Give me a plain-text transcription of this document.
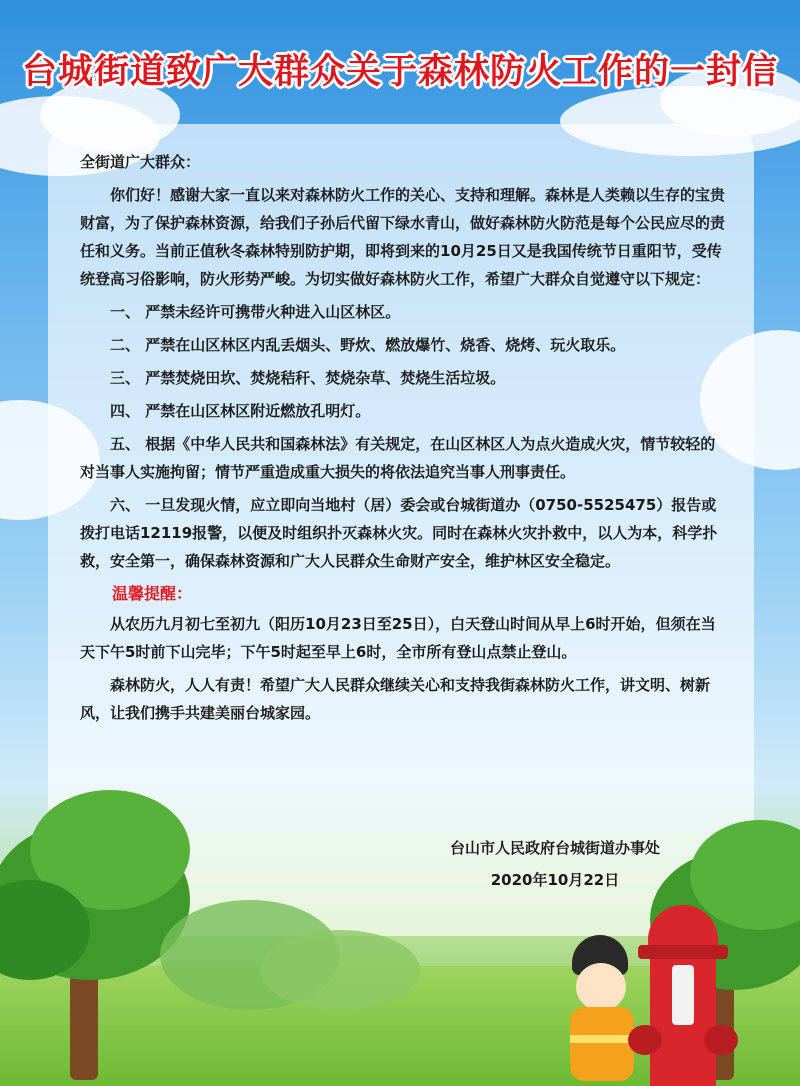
台城街道致广大群众关于森林防火工作的一封信

全街道广大群众：

你们好！感谢大家一直以来对森林防火工作的关心、支持和理解。森林是人类赖以生存的宝贵财富，为了保护森林资源，给我们子孙后代留下绿水青山，做好森林防火防范是每个公民应尽的责任和义务。当前正值秋冬森林特别防护期，即将到来的10月25日又是我国传统节日重阳节，受传统登高习俗影响，防火形势严峻。为切实做好森林防火工作，希望广大群众自觉遵守以下规定：

一、 严禁未经许可携带火种进入山区林区。

二、 严禁在山区林区内乱丢烟头、野炊、燃放爆竹、烧香、烧烤、玩火取乐。

三、 严禁焚烧田坎、焚烧秸秆、焚烧杂草、焚烧生活垃圾。

四、 严禁在山区林区附近燃放孔明灯。

五、 根据《中华人民共和国森林法》有关规定，在山区林区人为点火造成火灾，情节较轻的对当事人实施拘留；情节严重造成重大损失的将依法追究当事人刑事责任。

六、 一旦发现火情，应立即向当地村（居）委会或台城街道办（0750-5525475）报告或拨打电话12119报警，以便及时组织扑灭森林火灾。同时在森林火灾扑救中，以人为本，科学扑救，安全第一，确保森林资源和广大人民群众生命财产安全，维护林区安全稳定。

温馨提醒：

从农历九月初七至初九（阳历10月23日至25日），白天登山时间从早上6时开始，但须在当天下午5时前下山完毕；下午5时起至早上6时，全市所有登山点禁止登山。

森林防火，人人有责！希望广大人民群众继续关心和支持我街森林防火工作，讲文明、树新风，让我们携手共建美丽台城家园。

台山市人民政府台城街道办事处
2020年10月22日
